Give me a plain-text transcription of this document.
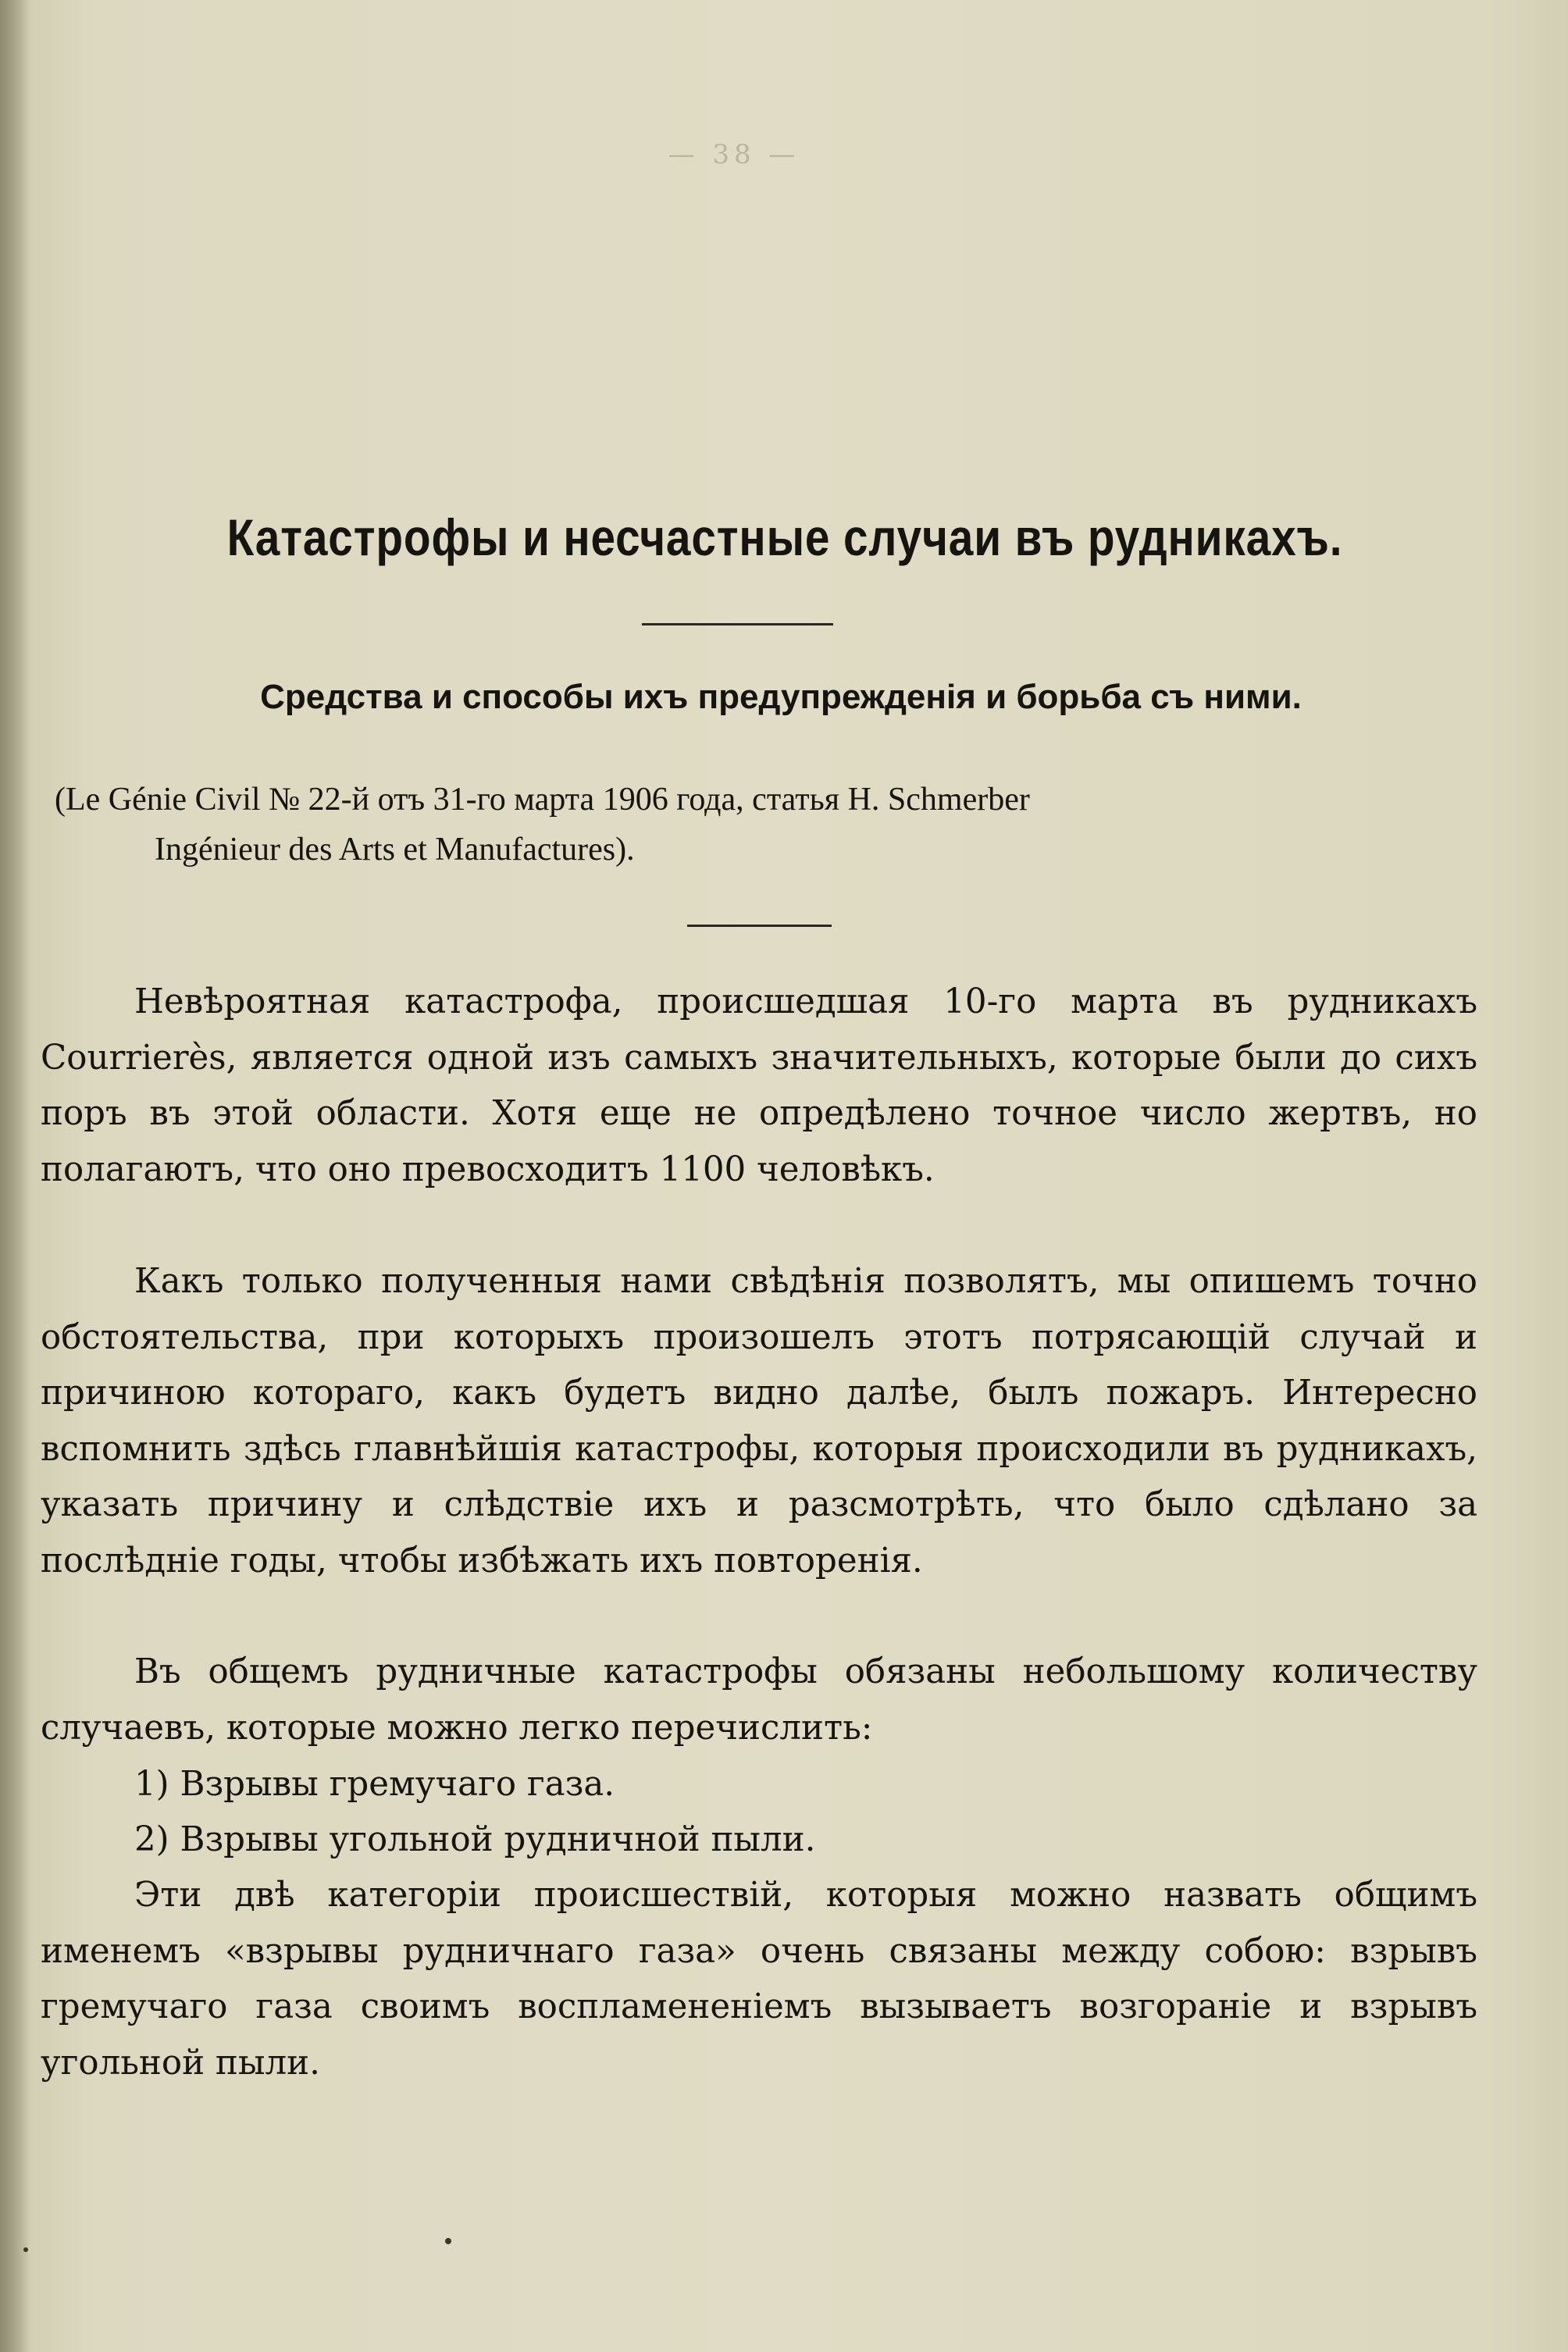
— 38 —
Катастрофы и несчастные случаи въ рудникахъ.
Средства и способы ихъ предупрежденія и борьба съ ними.
(Le Génie Civil № 22-й отъ 31-го марта 1906 года, статья H. Schmerber
Ingénieur des Arts et Manufactures).

Невѣроятная катастрофа, происшедшая 10-го марта въ рудникахъ Courrierès, является одной изъ самыхъ значительныхъ, которые были до сихъ поръ въ этой области. Хотя еще не опредѣлено точное число жертвъ, но полагаютъ, что оно превосходитъ 1100 человѣкъ.

Какъ только полученныя нами свѣдѣнія позволятъ, мы опишемъ точно обстоятельства, при которыхъ произошелъ этотъ потрясающій случай и причиною котораго, какъ будетъ видно далѣе, былъ пожаръ. Интересно вспомнить здѣсь главнѣйшія катастрофы, которыя происходили въ рудникахъ, указать причину и слѣдствіе ихъ и разсмотрѣть, что было сдѣлано за послѣдніе годы, чтобы избѣжать ихъ повторенія.

Въ общемъ рудничные катастрофы обязаны небольшому количеству случаевъ, которые можно легко перечислить:

1) Взрывы гремучаго газа.
2) Взрывы угольной рудничной пыли.

Эти двѣ категоріи происшествій, которыя можно назвать общимъ именемъ «взрывы рудничнаго газа» очень связаны между собою: взрывъ гремучаго газа своимъ воспламененіемъ вызываетъ возгораніе и взрывъ угольной пыли.
